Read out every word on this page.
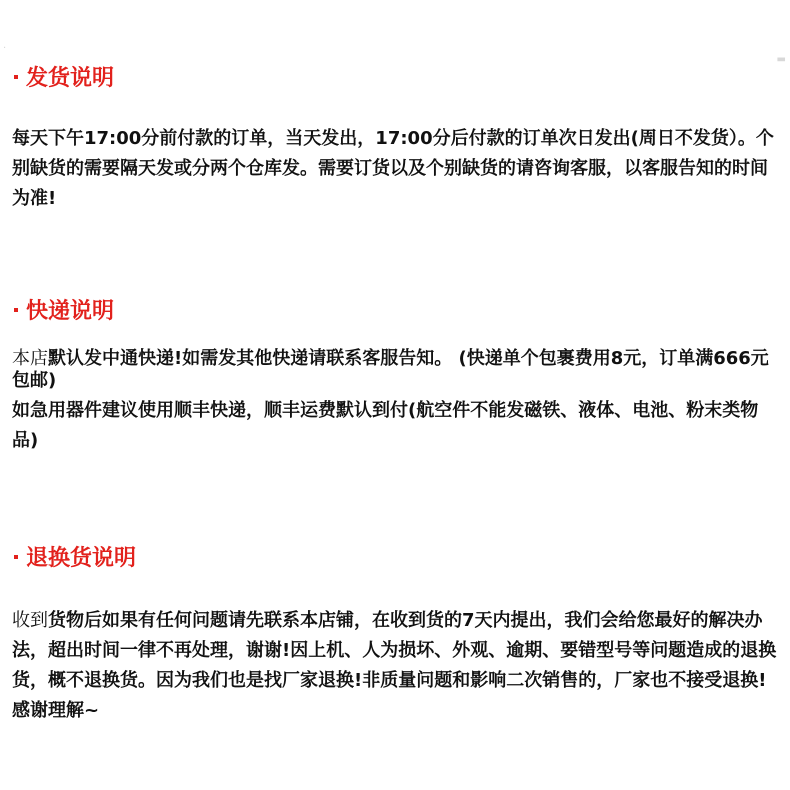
·
▬
发货说明

每天下午17:00分前付款的订单，当天发出，17:00分后付款的订单次日发出(周日不发货）。个别缺货的需要隔天发或分两个仓库发。需要订货以及个别缺货的请咨询客服，以客服告知的时间为准!

快递说明

本店默认发中通快递!如需发其他快递请联系客服告知。 (快递单个包裹费用8元，订单满666元包邮)

如急用器件建议使用顺丰快递，顺丰运费默认到付(航空件不能发磁铁、液体、电池、粉末类物品)

退换货说明

收到货物后如果有任何问题请先联系本店铺，在收到货的7天内提出，我们会给您最好的解决办法，超出时间一律不再处理，谢谢!因上机、人为损坏、外观、逾期、要错型号等问题造成的退换货，概不退换货。因为我们也是找厂家退换!非质量问题和影响二次销售的，厂家也不接受退换!感谢理解~
